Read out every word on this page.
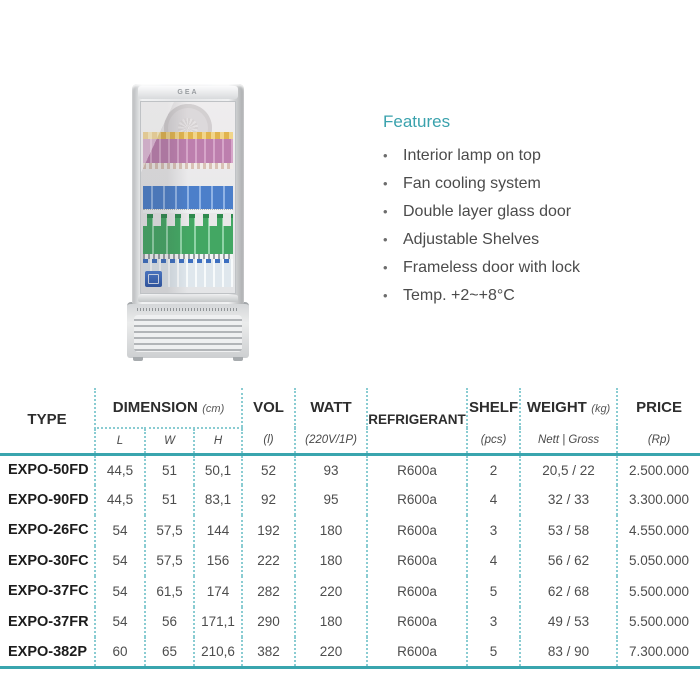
GEA
Features
• Interior lamp on top
• Fan cooling system
• Double layer glass door
• Adjustable Shelves
• Frameless door with lock
• Temp. +2~+8°C
TYPE	DIMENSION (cm)			VOL	WATT	REFRIGERANT	SHELF	WEIGHT (kg)	PRICE
	L	W	H	(l)	(220V/1P)		(pcs)	Nett | Gross	(Rp)
EXPO-50FD	44,5	51	50,1	52	93	R600a	2	20,5 / 22	2.500.000
EXPO-90FD	44,5	51	83,1	92	95	R600a	4	32 / 33	3.300.000
EXPO-26FC	54	57,5	144	192	180	R600a	3	53 / 58	4.550.000
EXPO-30FC	54	57,5	156	222	180	R600a	4	56 / 62	5.050.000
EXPO-37FC	54	61,5	174	282	220	R600a	5	62 / 68	5.500.000
EXPO-37FR	54	56	171,1	290	180	R600a	3	49 / 53	5.500.000
EXPO-382P	60	65	210,6	382	220	R600a	5	83 / 90	7.300.000
